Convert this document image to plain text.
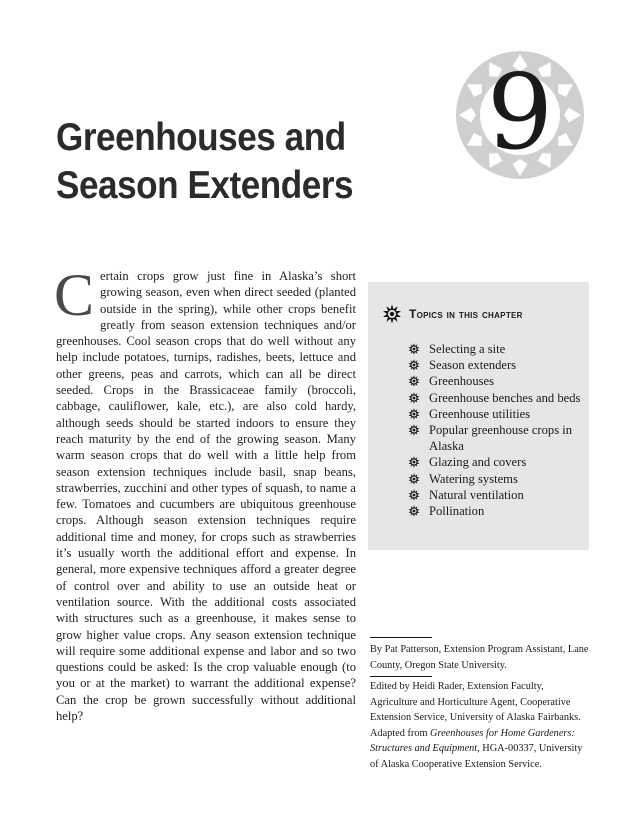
9
Greenhouses and
Season Extenders
Certain crops grow just fine in Alaska’s short growing season, even when direct seeded (planted outside in the spring), while other crops benefit greatly from season extension techniques and/or greenhouses. Cool season crops that do well without any help include potatoes, turnips, radishes, beets, lettuce and other greens, peas and carrots, which can all be direct seeded. Crops in the Brassicaceae family (broccoli, cabbage, cauliflower, kale, etc.), are also cold hardy, although seeds should be started indoors to ensure they reach maturity by the end of the growing season. Many warm season crops that do well with a little help from season extension techniques include basil, snap beans, strawberries, zucchini and other types of squash, to name a few. Tomatoes and cucumbers are ubiquitous greenhouse crops. Although season extension techniques require additional time and money, for crops such as strawberries it’s usually worth the additional effort and expense. In general, more expensive techniques afford a greater degree of control over and ability to use an outside heat or ventilation source. With the additional costs associated with structures such as a greenhouse, it makes sense to grow higher value crops. Any season extension technique will require some additional expense and labor and so two questions could be asked: Is the crop valuable enough (to you or at the market) to warrant the additional expense? Can the crop be grown successfully without additional help?
Topics in this chapter
Selecting a site
Season extenders
Greenhouses
Greenhouse benches and beds
Greenhouse utilities
Popular greenhouse crops in Alaska
Glazing and covers
Watering systems
Natural ventilation
Pollination
By Pat Patterson, Extension Program Assistant, Lane County, Oregon State University.
Edited by Heidi Rader, Extension Faculty, Agriculture and Horticulture Agent, Cooperative Extension Service, University of Alaska Fairbanks. Adapted from Greenhouses for Home Gardeners: Structures and Equipment, HGA-00337, University of Alaska Cooperative Extension Service.
